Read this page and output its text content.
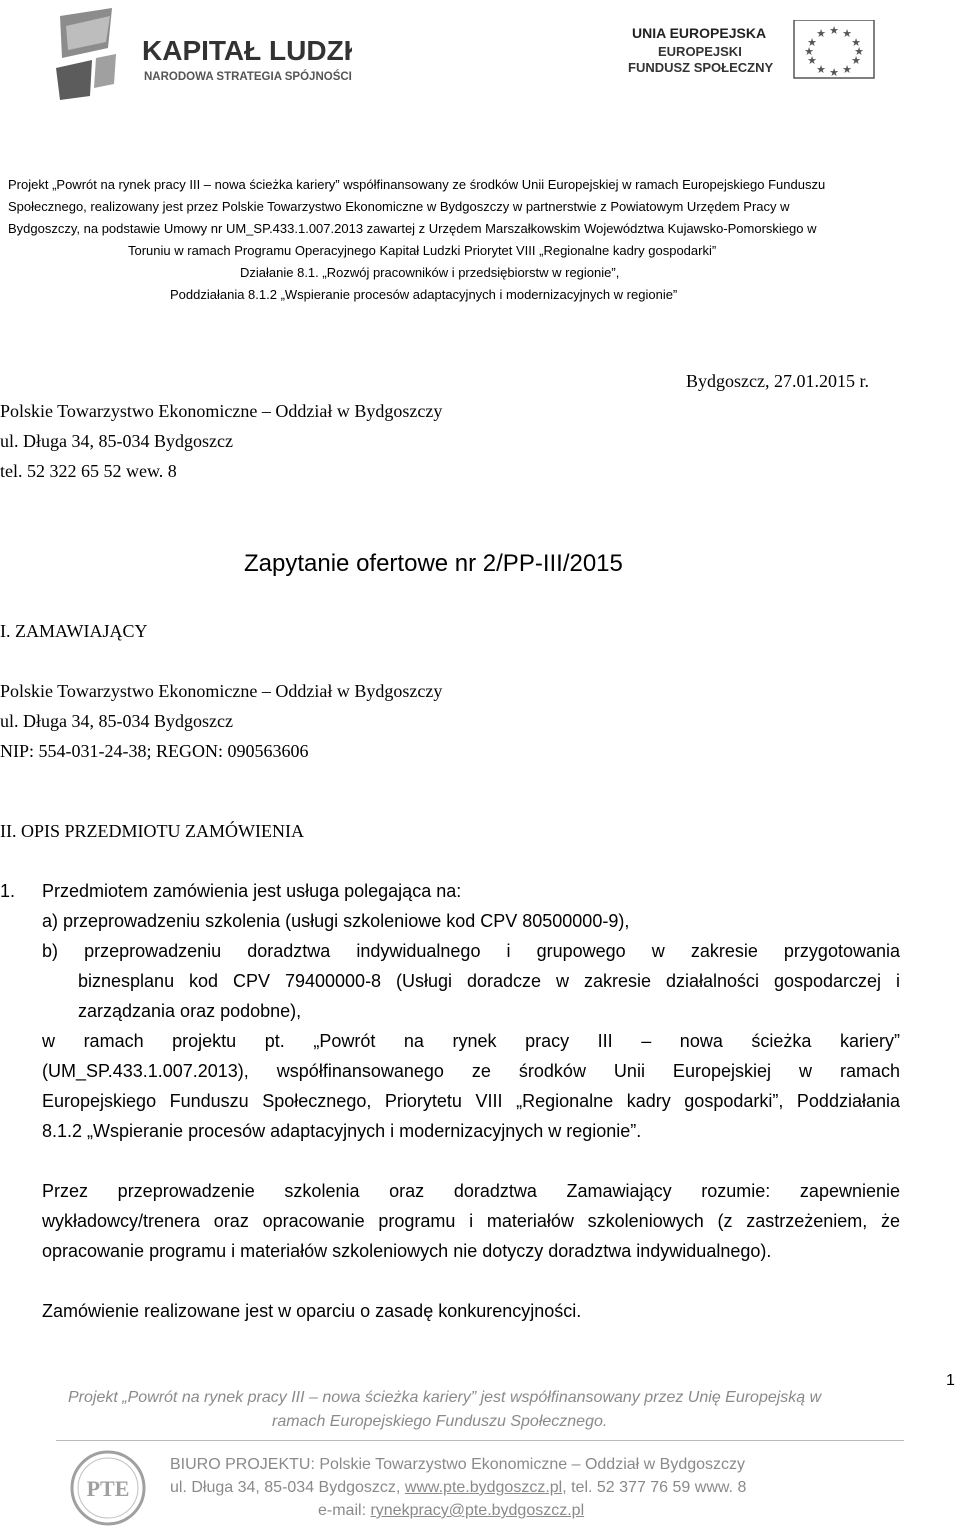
KAPITAŁ LUDZKI
NARODOWA STRATEGIA SPÓJNOŚCI
UNIA EUROPEJSKA
EUROPEJSKI
FUNDUSZ SPOŁECZNY
★ ★
★
★
★
★
★
★
★
★
★
★
Projekt „Powrót na rynek pracy III – nowa ścieżka kariery” współfinansowany ze środków Unii Europejskiej w ramach Europejskiego Funduszu
Społecznego, realizowany jest przez Polskie Towarzystwo Ekonomiczne w Bydgoszczy w partnerstwie z Powiatowym Urzędem Pracy w
Bydgoszczy, na podstawie Umowy nr UM_SP.433.1.007.2013 zawartej z Urzędem Marszałkowskim Województwa Kujawsko-Pomorskiego w
Toruniu w ramach Programu Operacyjnego Kapitał Ludzki Priorytet VIII „Regionalne kadry gospodarki”
Działanie 8.1. „Rozwój pracowników i przedsiębiorstw w regionie”,
Poddziałania 8.1.2 „Wspieranie procesów adaptacyjnych i modernizacyjnych w regionie”
Bydgoszcz, 27.01.2015 r.
Polskie Towarzystwo Ekonomiczne – Oddział w Bydgoszczy
ul. Długa 34, 85-034 Bydgoszcz
tel. 52 322 65 52 wew. 8
Zapytanie ofertowe nr 2/PP-III/2015
I. ZAMAWIAJĄCY
Polskie Towarzystwo Ekonomiczne – Oddział w Bydgoszczy
ul. Długa 34, 85-034 Bydgoszcz
NIP: 554-031-24-38; REGON: 090563606
II. OPIS PRZEDMIOTU ZAMÓWIENIA
1. Przedmiotem zamówienia jest usługa polegająca na:
a) przeprowadzeniu szkolenia (usługi szkoleniowe kod CPV 80500000-9),
b) przeprowadzeniu doradztwa indywidualnego i grupowego w zakresie przygotowania
biznesplanu kod CPV 79400000-8 (Usługi doradcze w zakresie działalności gospodarczej i
zarządzania oraz podobne),
w ramach projektu pt. „Powrót na rynek pracy III – nowa ścieżka kariery”
(UM_SP.433.1.007.2013), współfinansowanego ze środków Unii Europejskiej w ramach
Europejskiego Funduszu Społecznego, Priorytetu VIII „Regionalne kadry gospodarki”, Poddziałania
8.1.2 „Wspieranie procesów adaptacyjnych i modernizacyjnych w regionie”.
Przez przeprowadzenie szkolenia oraz doradztwa Zamawiający rozumie: zapewnienie
wykładowcy/trenera oraz opracowanie programu i materiałów szkoleniowych (z zastrzeżeniem, że
opracowanie programu i materiałów szkoleniowych nie dotyczy doradztwa indywidualnego).
Zamówienie realizowane jest w oparciu o zasadę konkurencyjności.
1
Projekt „Powrót na rynek pracy III – nowa ścieżka kariery” jest współfinansowany przez Unię Europejską w
ramach Europejskiego Funduszu Społecznego.
PTE
BIURO PROJEKTU: Polskie Towarzystwo Ekonomiczne – Oddział w Bydgoszczy
ul. Długa 34, 85-034 Bydgoszcz, www.pte.bydgoszcz.pl, tel. 52 377 76 59 www. 8
e-mail: rynekpracy@pte.bydgoszcz.pl
